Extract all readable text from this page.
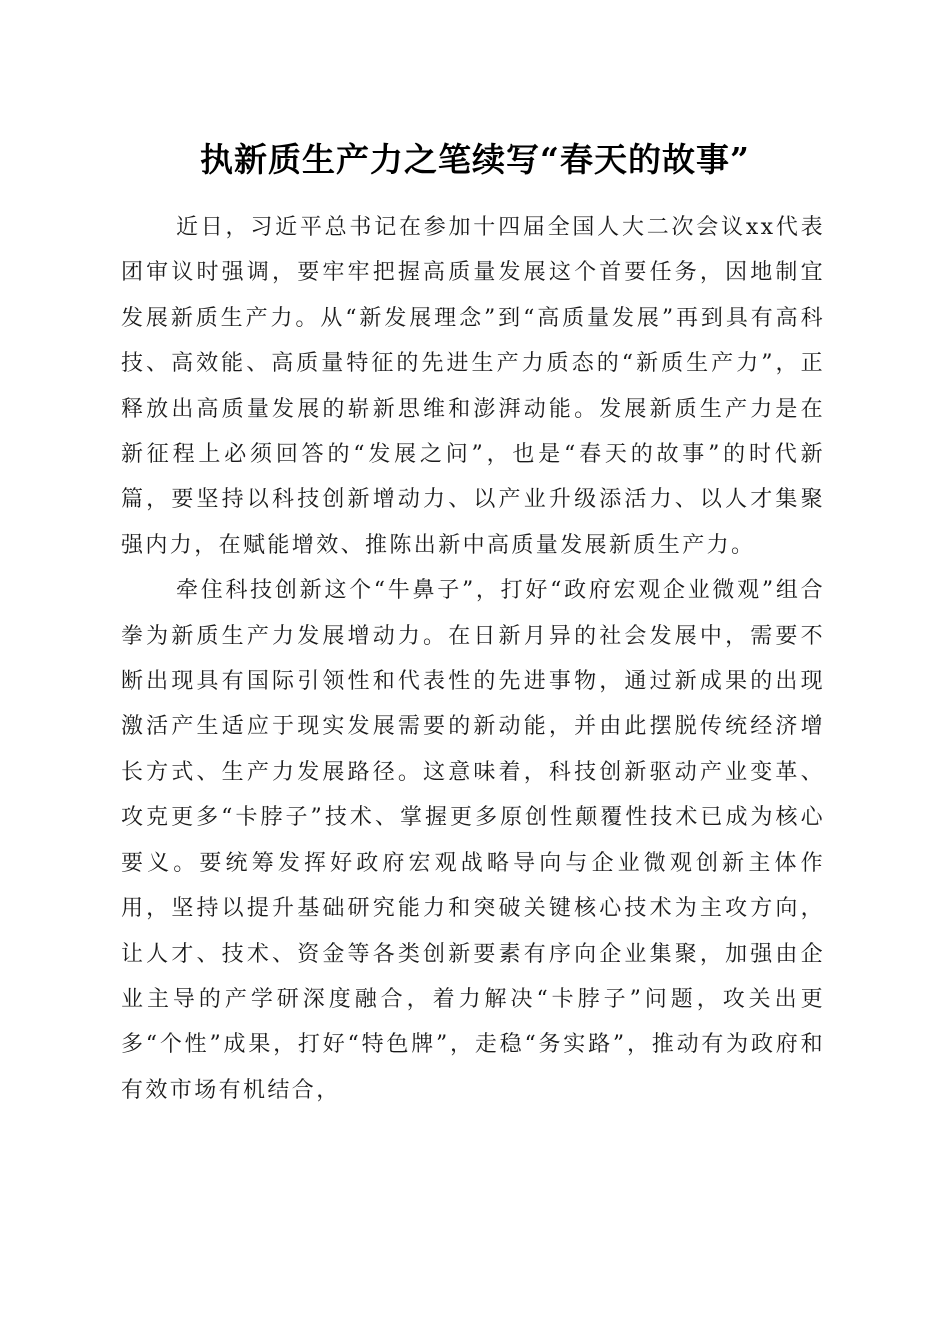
执新质生产力之笔续写“春天的故事”

近日，习近平总书记在参加十四届全国人大二次会议xx代表团审议时强调，要牢牢把握高质量发展这个首要任务，因地制宜发展新质生产力。从“新发展理念”到“高质量发展”再到具有高科技、高效能、高质量特征的先进生产力质态的“新质生产力”，正释放出高质量发展的崭新思维和澎湃动能。发展新质生产力是在新征程上必须回答的“发展之问”，也是“春天的故事”的时代新篇，要坚持以科技创新增动力、以产业升级添活力、以人才集聚强内力，在赋能增效、推陈出新中高质量发展新质生产力。

牵住科技创新这个“牛鼻子”，打好“政府宏观企业微观”组合拳为新质生产力发展增动力。在日新月异的社会发展中，需要不断出现具有国际引领性和代表性的先进事物，通过新成果的出现激活产生适应于现实发展需要的新动能，并由此摆脱传统经济增长方式、生产力发展路径。这意味着，科技创新驱动产业变革、攻克更多“卡脖子”技术、掌握更多原创性颠覆性技术已成为核心要义。要统筹发挥好政府宏观战略导向与企业微观创新主体作用，坚持以提升基础研究能力和突破关键核心技术为主攻方向，让人才、技术、资金等各类创新要素有序向企业集聚，加强由企业主导的产学研深度融合，着力解决“卡脖子”问题，攻关出更多“个性”成果，打好“特色牌”，走稳“务实路”，推动有为政府和有效市场有机结合，
